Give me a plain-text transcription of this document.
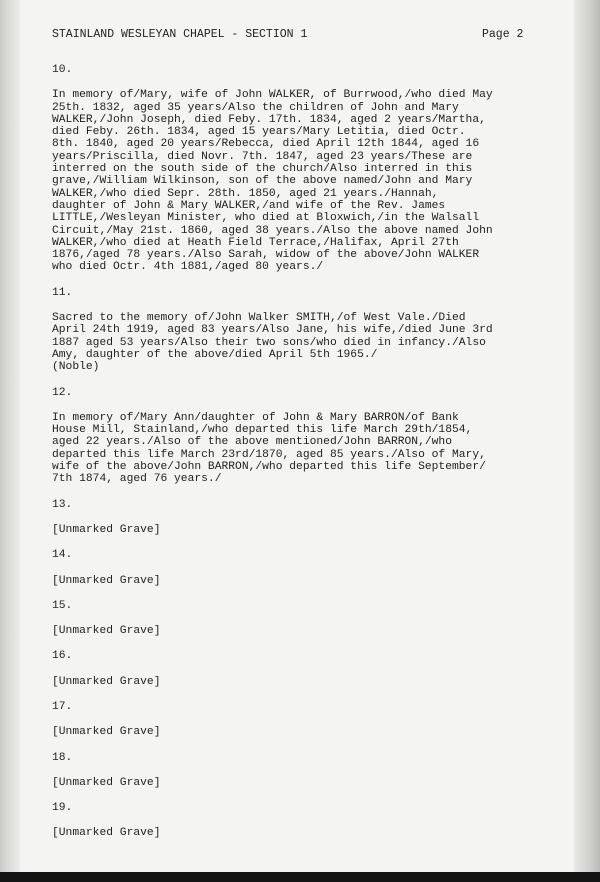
STAINLAND WESLEYAN CHAPEL - SECTION 1	Page 2

10.

In memory of/Mary, wife of John WALKER, of Burrwood,/who died May
25th. 1832, aged 35 years/Also the children of John and Mary
WALKER,/John Joseph, died Feby. 17th. 1834, aged 2 years/Martha,
died Feby. 26th. 1834, aged 15 years/Mary Letitia, died Octr.
8th. 1840, aged 20 years/Rebecca, died April 12th 1844, aged 16
years/Priscilla, died Novr. 7th. 1847, aged 23 years/These are
interred on the south side of the church/Also interred in this
grave,/William Wilkinson, son of the above named/John and Mary
WALKER,/who died Sepr. 28th. 1850, aged 21 years./Hannah,
daughter of John & Mary WALKER,/and wife of the Rev. James
LITTLE,/Wesleyan Minister, who died at Bloxwich,/in the Walsall
Circuit,/May 21st. 1860, aged 38 years./Also the above named John
WALKER,/who died at Heath Field Terrace,/Halifax, April 27th
1876,/aged 78 years./Also Sarah, widow of the above/John WALKER
who died Octr. 4th 1881,/aged 80 years./

11.

Sacred to the memory of/John Walker SMITH,/of West Vale./Died
April 24th 1919, aged 83 years/Also Jane, his wife,/died June 3rd
1887 aged 53 years/Also their two sons/who died in infancy./Also
Amy, daughter of the above/died April 5th 1965./
(Noble)

12.

In memory of/Mary Ann/daughter of John & Mary BARRON/of Bank
House Mill, Stainland,/who departed this life March 29th/1854,
aged 22 years./Also of the above mentioned/John BARRON,/who
departed this life March 23rd/1870, aged 85 years./Also of Mary,
wife of the above/John BARRON,/who departed this life September/
7th 1874, aged 76 years./

13.

[Unmarked Grave]

14.

[Unmarked Grave]

15.

[Unmarked Grave]

16.

[Unmarked Grave]

17.

[Unmarked Grave]

18.

[Unmarked Grave]

19.

[Unmarked Grave]
